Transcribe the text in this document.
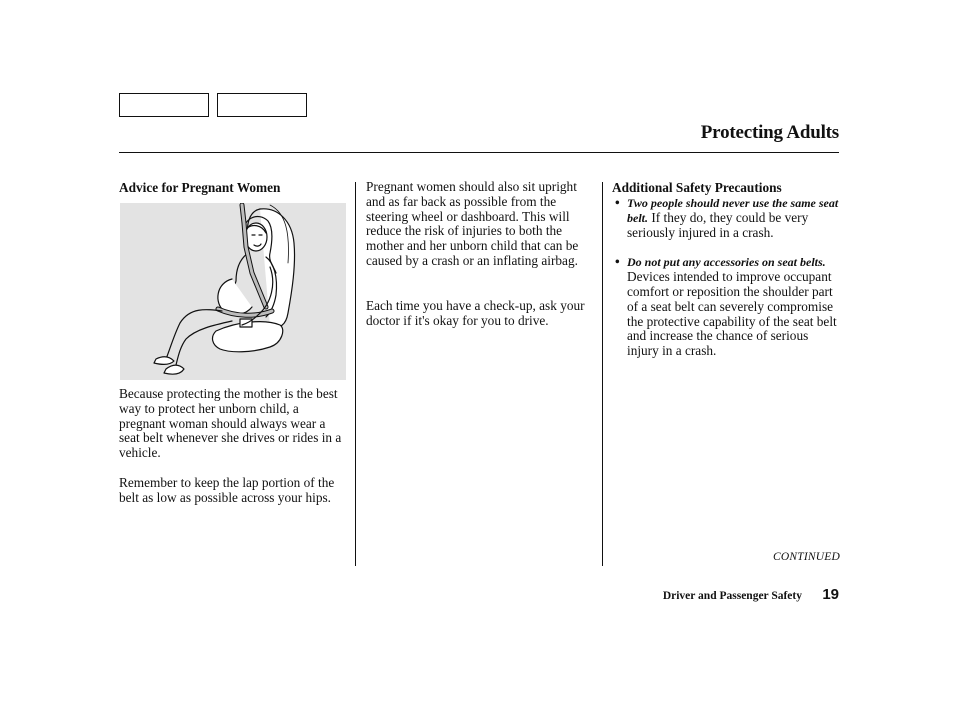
Protecting Adults
Advice for Pregnant Women
Because protecting the mother is the best way to protect her unborn child, a pregnant woman should always wear a seat belt whenever she drives or rides in a vehicle.
Remember to keep the lap portion of the belt as low as possible across your hips.
Pregnant women should also sit upright and as far back as possible from the steering wheel or dashboard. This will reduce the risk of injuries to both the mother and her unborn child that can be caused by a crash or an inflating airbag.
Each time you have a check-up, ask your doctor if it's okay for you to drive.
Additional Safety Precautions
• Two people should never use the same seat belt. If they do, they could be very seriously injured in a crash.
• Do not put any accessories on seat belts. Devices intended to improve occupant comfort or reposition the shoulder part of a seat belt can severely compromise the protective capability of the seat belt and increase the chance of serious injury in a crash.
CONTINUED
Driver and Passenger Safety 19
